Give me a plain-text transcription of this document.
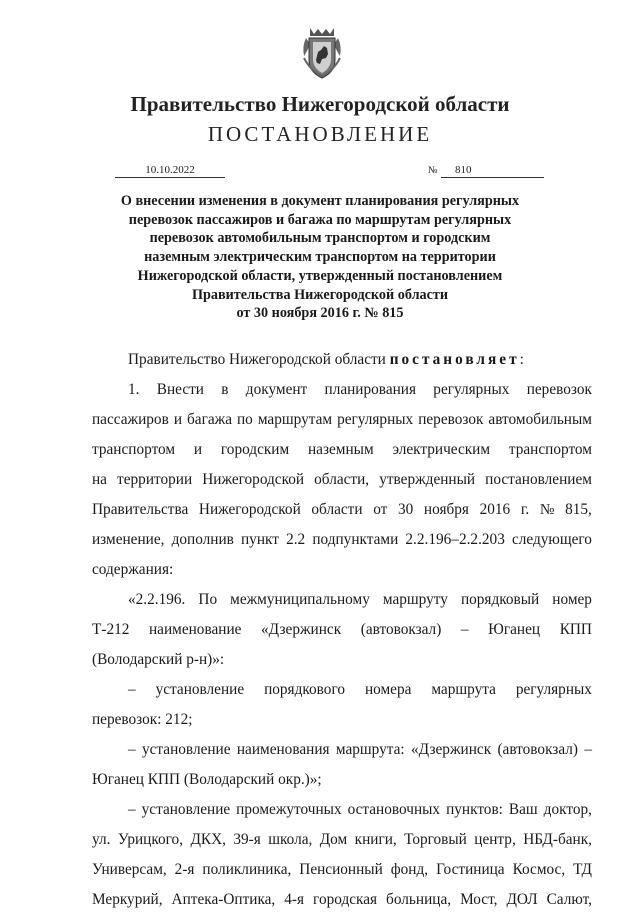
Правительство Нижегородской области
ПОСТАНОВЛЕНИЕ
10.10.2022	№	810
О внесении изменения в документ планирования регулярных
перевозок пассажиров и багажа по маршрутам регулярных
перевозок автомобильным транспортом и городским
наземным электрическим транспортом на территории
Нижегородской области, утвержденный постановлением
Правительства Нижегородской области
от 30 ноября 2016 г. № 815
Правительство Нижегородской области
постановляет :
1. Внести в документ планирования регулярных перевозок
пассажиров и багажа по маршрутам регулярных перевозок автомобильным
транспортом и городским наземным электрическим транспортом
на территории Нижегородской области, утвержденный постановлением
Правительства Нижегородской области от 30 ноября 2016 г. № 815,
изменение, дополнив пункт 2.2 подпунктами 2.2.196–2.2.203 следующего
содержания:
«2.2.196. По межмуниципальному маршруту порядковый номер
Т-212 наименование «Дзержинск (автовокзал) – Юганец КПП
(Володарский р-н)»:
– установление порядкового номера маршрута регулярных
перевозок: 212;
– установление наименования маршрута: «Дзержинск (автовокзал) –
Юганец КПП (Володарский окр.)»;
– установление промежуточных остановочных пунктов: Ваш доктор,
ул. Урицкого, ДКХ, 39-я школа, Дом книги, Торговый центр, НБД-банк,
Универсам, 2-я поликлиника, Пенсионный фонд, Гостиница Космос, ТД
Меркурий, Аптека-Оптика, 4-я городская больница, Мост, ДОЛ Салют,
